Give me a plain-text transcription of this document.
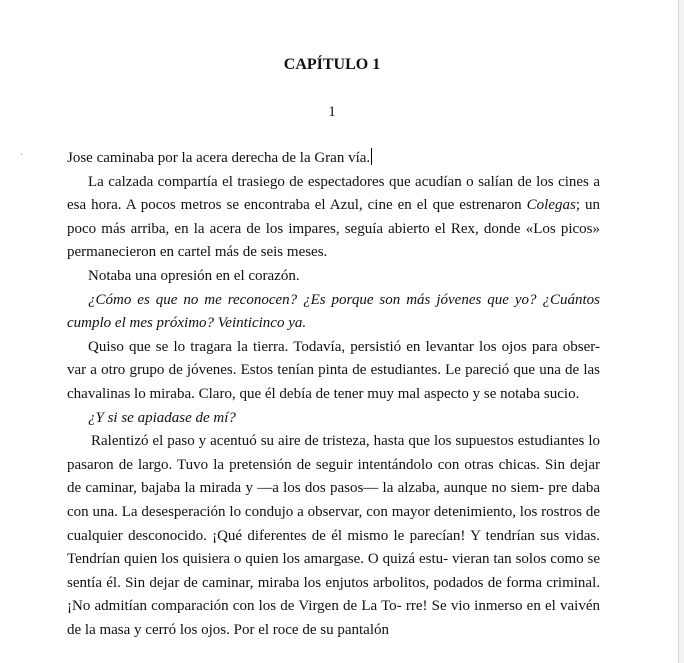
CAPÍTULO 1
1
·	Jose caminaba por la acera derecha de la Gran vía.

La calzada compartía el trasiego de espectadores que acudían o salían de los cines a esa hora. A pocos metros se encontraba el Azul, cine en el que estrenaron Colegas; un poco más arriba, en la acera de los impares, seguía abierto el Rex, donde «Los picos» permanecieron en cartel más de seis meses.

Notaba una opresión en el corazón.

¿Cómo es que no me reconocen? ¿Es porque son más jóvenes que yo? ¿Cuántos cumplo el mes próximo? Veinticinco ya.

Quiso que se lo tragara la tierra. Todavía, persistió en levantar los ojos para obser- var a otro grupo de jóvenes. Estos tenían pinta de estudiantes. Le pareció que una de las chavalinas lo miraba. Claro, que él debía de tener muy mal aspecto y se notaba sucio.

¿Y si se apiadase de mí?

Ralentizó el paso y acentuó su aire de tristeza, hasta que los supuestos estudiantes lo pasaron de largo. Tuvo la pretensión de seguir intentándolo con otras chicas. Sin dejar de caminar, bajaba la mirada y —a los dos pasos— la alzaba, aunque no siem- pre daba con una. La desesperación lo condujo a observar, con mayor detenimiento, los rostros de cualquier desconocido. ¡Qué diferentes de él mismo le parecían! Y tendrían sus vidas. Tendrían quien los quisiera o quien los amargase. O quizá estu- vieran tan solos como se sentía él. Sin dejar de caminar, miraba los enjutos arbolitos, podados de forma criminal. ¡No admitían comparación con los de Virgen de La To- rre! Se vio inmerso en el vaivén de la masa y cerró los ojos. Por el roce de su pantalón
